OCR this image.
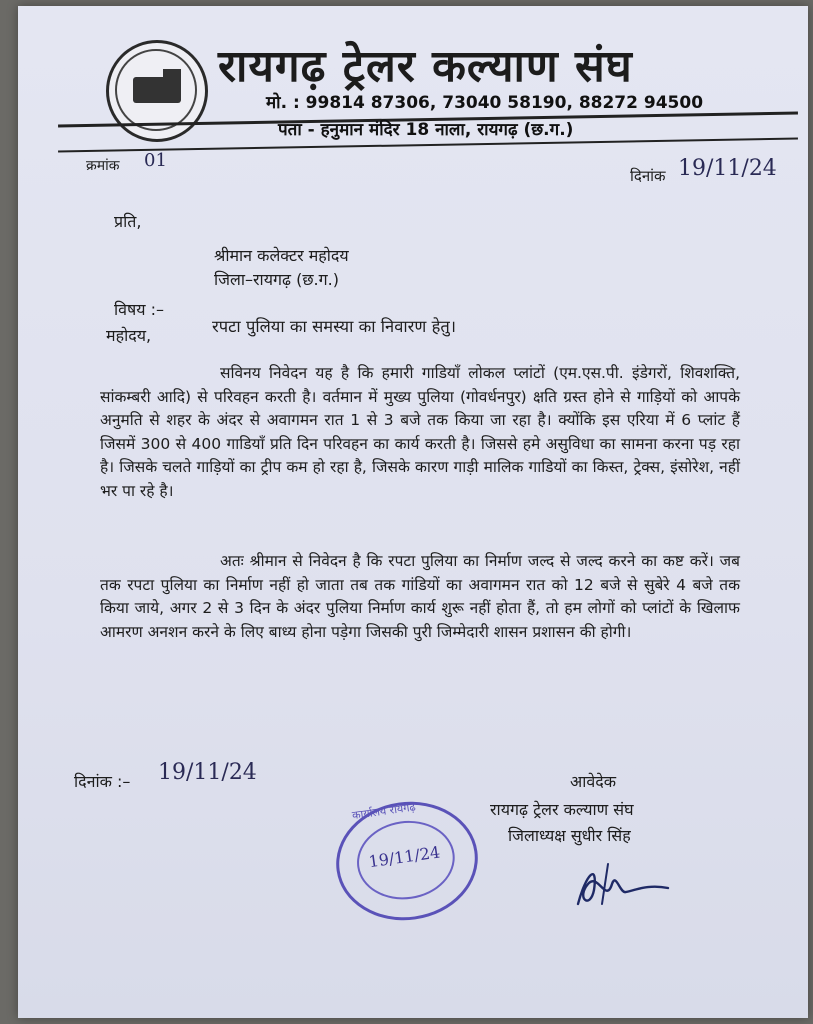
रायगढ़ ट्रेलर कल्याण संघ
मो. : 99814 87306, 73040 58190, 88272 94500
पता - हनुमान मंदिर 18 नाला, रायगढ़ (छ.ग.)
क्रमांक 01
दिनांक 19/11/24
प्रति,
श्रीमान कलेक्टर महोदय
जिला–रायगढ़ (छ.ग.)
विषय :–
रपटा पुलिया का समस्या का निवारण हेतु।
महोदय,

सविनय निवेदन यह है कि हमारी गाडियाँ लोकल प्लांटों (एम.एस.पी. इंडेगरों, शिवशक्ति, सांकम्बरी आदि) से परिवहन करती है। वर्तमान में मुख्य पुलिया (गोवर्धनपुर) क्षति ग्रस्त होने से गाड़ियों को आपके अनुमति से शहर के अंदर से अवागमन रात 1 से 3 बजे तक किया जा रहा है। क्योंकि इस एरिया में 6 प्लांट हैं जिसमें 300 से 400 गाडियाँ प्रति दिन परिवहन का कार्य करती है। जिससे हमे असुविधा का सामना करना पड़ रहा है। जिसके चलते गाड़ियों का ट्रीप कम हो रहा है, जिसके कारण गाड़ी मालिक गाडियों का किस्त, ट्रेक्स, इंसोरेश, नहीं भर पा रहे है।

अतः श्रीमान से निवेदन है कि रपटा पुलिया का निर्माण जल्द से जल्द करने का कष्ट करें। जब तक रपटा पुलिया का निर्माण नहीं हो जाता तब तक गांडियों का अवागमन रात को 12 बजे से सुबेरे 4 बजे तक किया जाये, अगर 2 से 3 दिन के अंदर पुलिया निर्माण कार्य शुरू नहीं होता हैं, तो हम लोगों को प्लांटों के खिलाफ आमरण अनशन करने के लिए बाध्य होना पड़ेगा जिसकी पुरी जिम्मेदारी शासन प्रशासन की होगी।

दिनांक :– 19/11/24	आवेदेक
रायगढ़ ट्रेलर कल्याण संघ
जिलाध्यक्ष सुधीर सिंह
कार्यालय रायगढ़
19/11/24
